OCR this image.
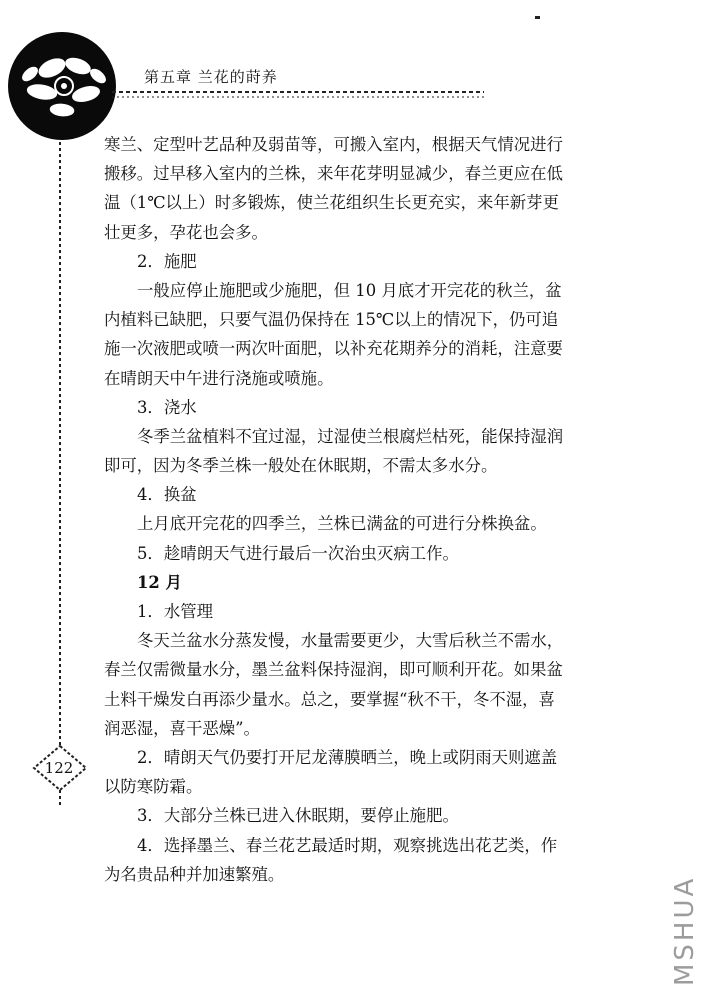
第五章 兰花的莳养
寒兰、定型叶艺品种及弱苗等，可搬入室内，根据天气情况进行
搬移。过早移入室内的兰株，来年花芽明显减少，春兰更应在低
温（1℃以上）时多锻炼，使兰花组织生长更充实，来年新芽更
壮更多，孕花也会多。
2．施肥
一般应停止施肥或少施肥，但 10 月底才开完花的秋兰，盆
内植料已缺肥，只要气温仍保持在 15℃以上的情况下，仍可追
施一次液肥或喷一两次叶面肥，以补充花期养分的消耗，注意要
在晴朗天中午进行浇施或喷施。
3．浇水
冬季兰盆植料不宜过湿，过湿使兰根腐烂枯死，能保持湿润
即可，因为冬季兰株一般处在休眠期，不需太多水分。
4．换盆
上月底开完花的四季兰，兰株已满盆的可进行分株换盆。
5．趁晴朗天气进行最后一次治虫灭病工作。
12 月
1．水管理
冬天兰盆水分蒸发慢，水量需要更少，大雪后秋兰不需水，
春兰仅需微量水分，墨兰盆料保持湿润，即可顺利开花。如果盆
土料干燥发白再添少量水。总之，要掌握“秋不干，冬不湿，喜
润恶湿，喜干恶燥”。
2．晴朗天气仍要打开尼龙薄膜晒兰，晚上或阴雨天则遮盖
以防寒防霜。
3．大部分兰株已进入休眠期，要停止施肥。
4．选择墨兰、春兰花艺最适时期，观察挑选出花艺类，作
为名贵品种并加速繁殖。
122
MSHUA
